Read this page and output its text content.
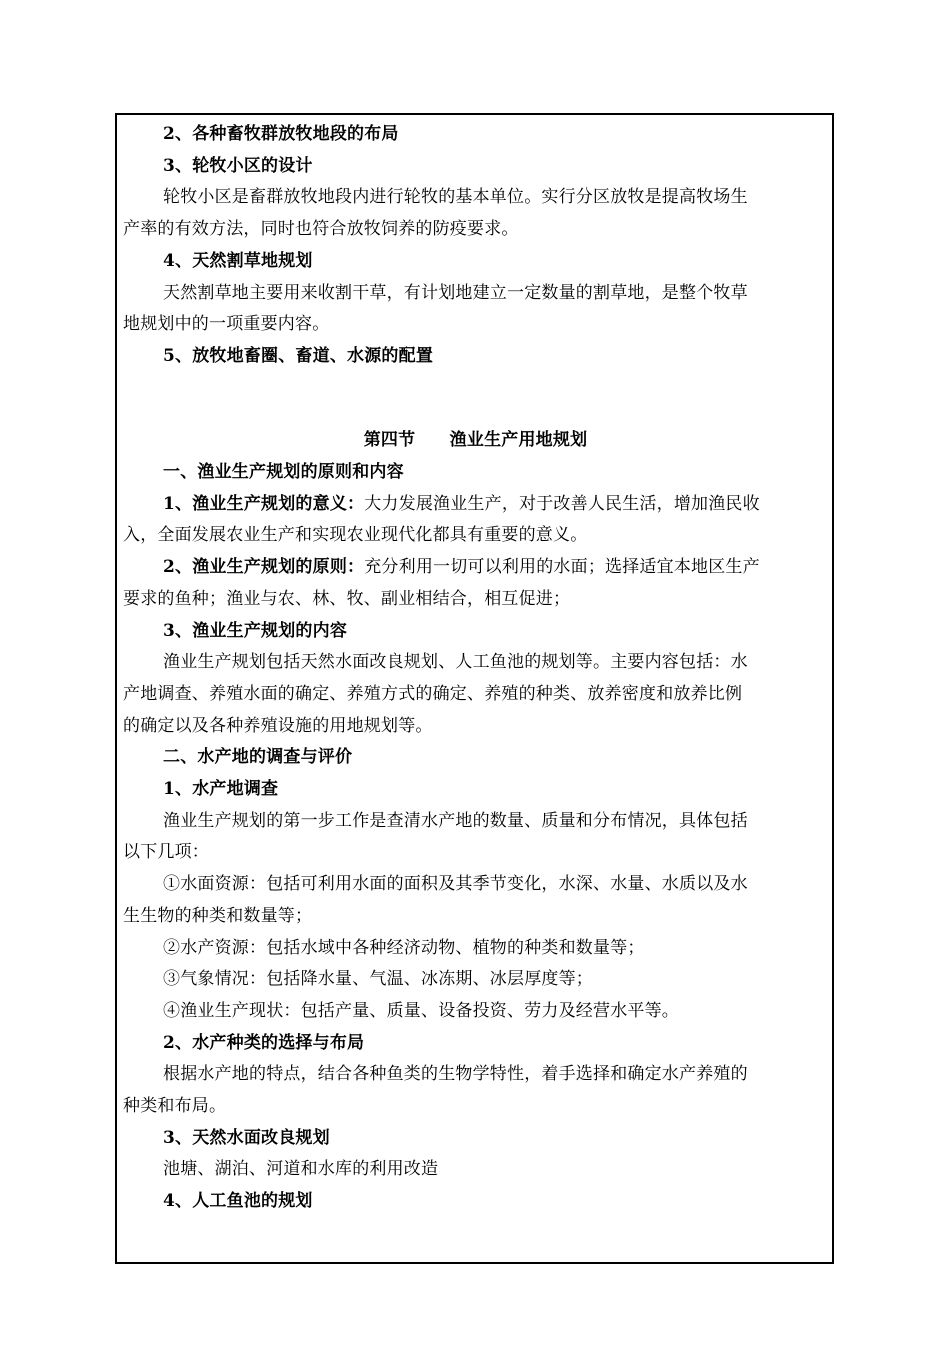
2、各种畜牧群放牧地段的布局
3、轮牧小区的设计
轮牧小区是畜群放牧地段内进行轮牧的基本单位。实行分区放牧是提高牧场生
产率的有效方法，同时也符合放牧饲养的防疫要求。
4、天然割草地规划
天然割草地主要用来收割干草，有计划地建立一定数量的割草地，是整个牧草
地规划中的一项重要内容。
5、放牧地畜圈、畜道、水源的配置
第四节　　渔业生产用地规划
一、渔业生产规划的原则和内容
1、渔业生产规划的意义：大力发展渔业生产，对于改善人民生活，增加渔民收
入，全面发展农业生产和实现农业现代化都具有重要的意义。
2、渔业生产规划的原则：充分利用一切可以利用的水面；选择适宜本地区生产
要求的鱼种；渔业与农、林、牧、副业相结合，相互促进；
3、渔业生产规划的内容
渔业生产规划包括天然水面改良规划、人工鱼池的规划等。主要内容包括：水
产地调查、养殖水面的确定、养殖方式的确定、养殖的种类、放养密度和放养比例
的确定以及各种养殖设施的用地规划等。
二、水产地的调查与评价
1、水产地调查
渔业生产规划的第一步工作是查清水产地的数量、质量和分布情况，具体包括
以下几项：
①水面资源：包括可利用水面的面积及其季节变化，水深、水量、水质以及水
生生物的种类和数量等；
②水产资源：包括水域中各种经济动物、植物的种类和数量等；
③气象情况：包括降水量、气温、冰冻期、冰层厚度等；
④渔业生产现状：包括产量、质量、设备投资、劳力及经营水平等。
2、水产种类的选择与布局
根据水产地的特点，结合各种鱼类的生物学特性，着手选择和确定水产养殖的
种类和布局。
3、天然水面改良规划
池塘、湖泊、河道和水库的利用改造
4、人工鱼池的规划
